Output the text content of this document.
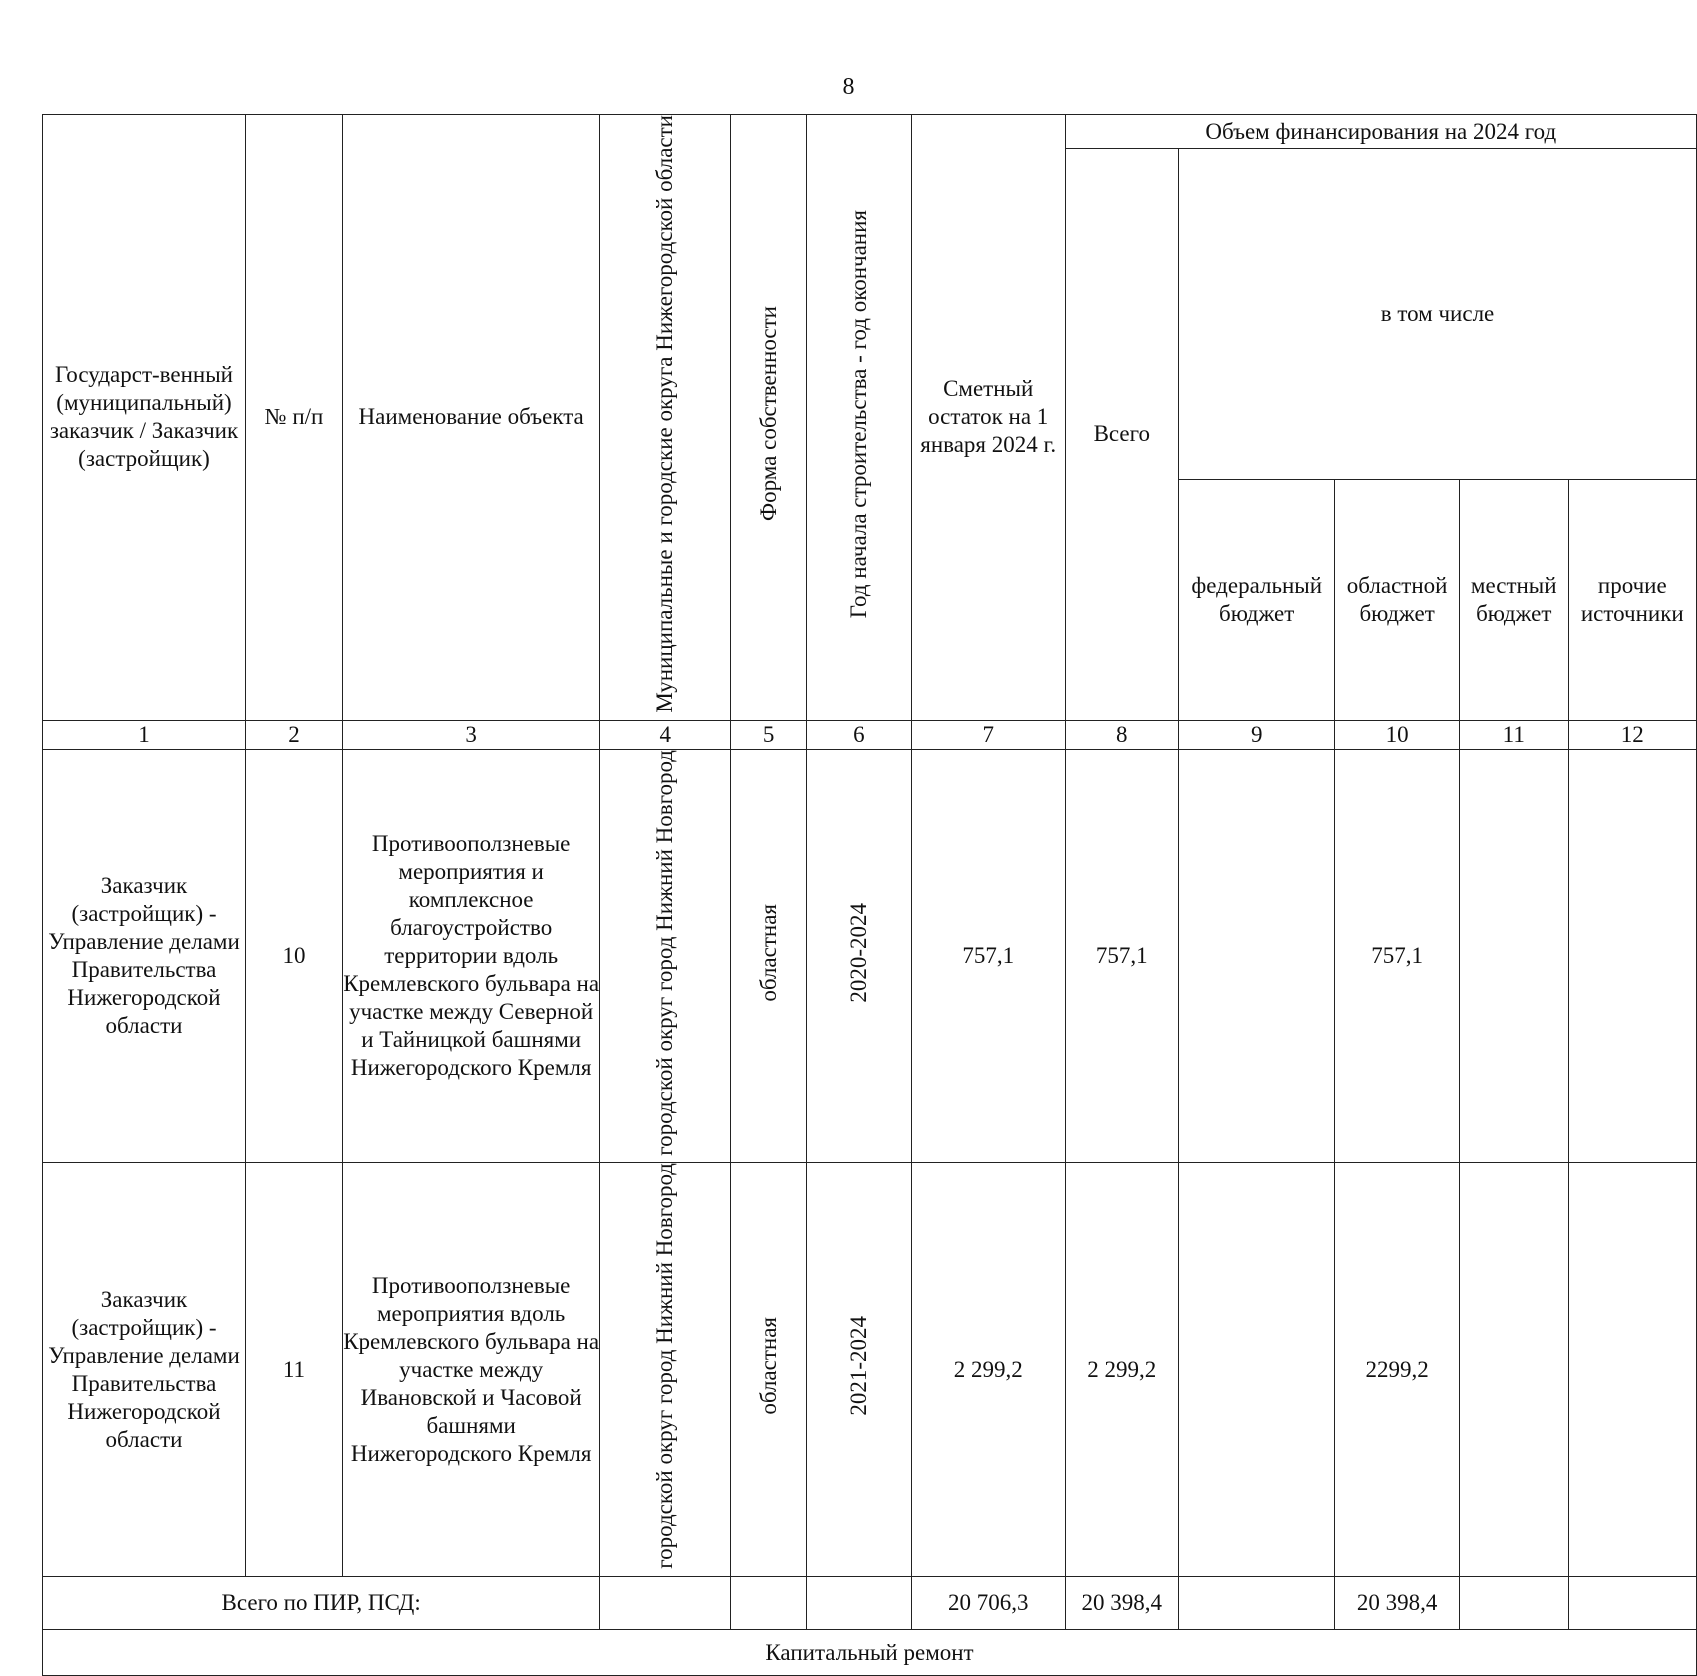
8
Государст-венный (муниципальный) заказчик / Заказчик (застройщик)	№ п/п	Наименование объекта	Муниципальные и городские округа Нижегородской области	Форма собственности	Год начала строительства - год окончания	Сметный остаток на 1 января 2024 г.	Объем финансирования на 2024 год				
							Всего	в том числе			
								федеральный бюджет	областной бюджет	местный бюджет	прочие источники
1	2	3	4	5	6	7	8	9	10	11	12
Заказчик (застройщик) - Управление делами Правительства Нижегородской области	10	Противооползневые мероприятия и комплексное благоустройство территории вдоль Кремлевского бульвара на участке между Северной и Тайницкой башнями Нижегородского Кремля	городской округ город Нижний Новгород	областная	2020-2024	757,1	757,1		757,1		
Заказчик (застройщик) - Управление делами Правительства Нижегородской области	11	Противооползневые мероприятия вдоль Кремлевского бульвара на участке между Ивановской и Часовой башнями Нижегородского Кремля	городской округ город Нижний Новгород	областная	2021-2024	2 299,2	2 299,2		2299,2		
Всего по ПИР, ПСД:						20 706,3	20 398,4		20 398,4		
Капитальный ремонт											
